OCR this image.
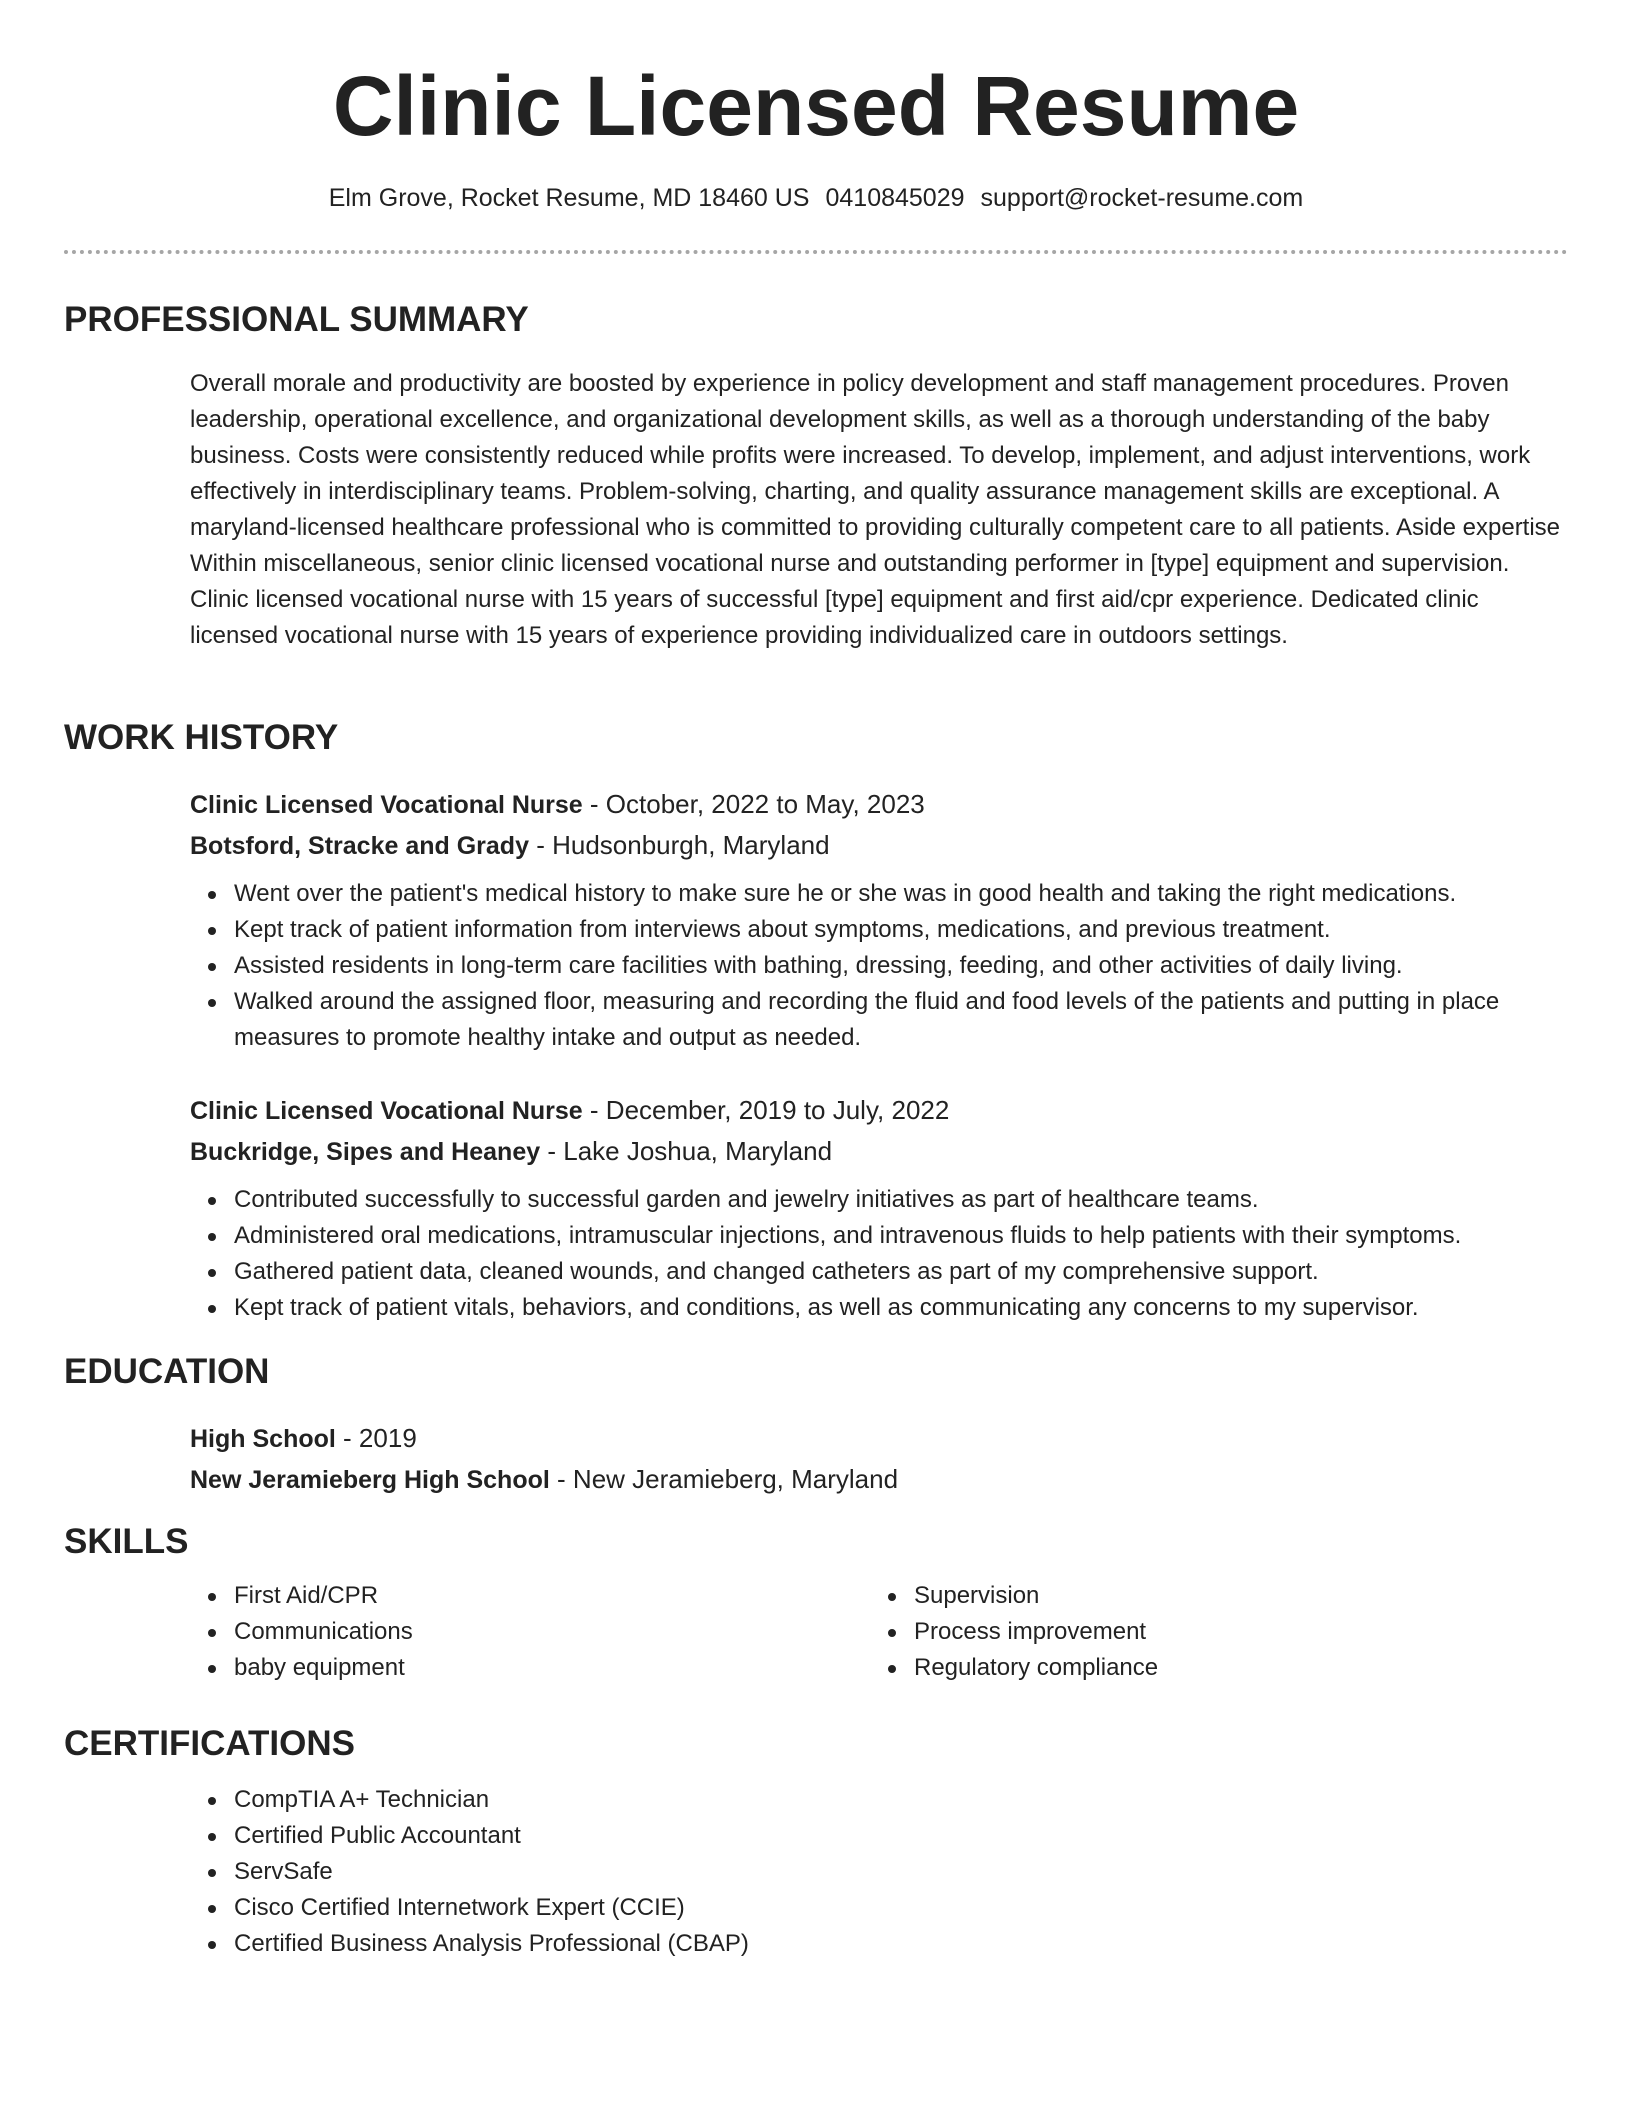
Clinic Licensed Resume
Elm Grove, Rocket Resume, MD 18460 US 0410845029 support@rocket-resume.com
PROFESSIONAL SUMMARY
Overall morale and productivity are boosted by experience in policy development and staff management procedures. Proven leadership, operational excellence, and organizational development skills, as well as a thorough understanding of the baby business. Costs were consistently reduced while profits were increased. To develop, implement, and adjust interventions, work effectively in interdisciplinary teams. Problem-solving, charting, and quality assurance management skills are exceptional. A maryland-licensed healthcare professional who is committed to providing culturally competent care to all patients. Aside expertise Within miscellaneous, senior clinic licensed vocational nurse and outstanding performer in [type] equipment and supervision. Clinic licensed vocational nurse with 15 years of successful [type] equipment and first aid/cpr experience. Dedicated clinic licensed vocational nurse with 15 years of experience providing individualized care in outdoors settings.
WORK HISTORY
Clinic Licensed Vocational Nurse - October, 2022 to May, 2023
Botsford, Stracke and Grady - Hudsonburgh, Maryland
Went over the patient's medical history to make sure he or she was in good health and taking the right medications.
Kept track of patient information from interviews about symptoms, medications, and previous treatment.
Assisted residents in long-term care facilities with bathing, dressing, feeding, and other activities of daily living.
Walked around the assigned floor, measuring and recording the fluid and food levels of the patients and putting in place measures to promote healthy intake and output as needed.
Clinic Licensed Vocational Nurse - December, 2019 to July, 2022
Buckridge, Sipes and Heaney - Lake Joshua, Maryland
Contributed successfully to successful garden and jewelry initiatives as part of healthcare teams.
Administered oral medications, intramuscular injections, and intravenous fluids to help patients with their symptoms.
Gathered patient data, cleaned wounds, and changed catheters as part of my comprehensive support.
Kept track of patient vitals, behaviors, and conditions, as well as communicating any concerns to my supervisor.
EDUCATION
High School - 2019
New Jeramieberg High School - New Jeramieberg, Maryland
SKILLS
First Aid/CPR
Communications
baby equipment
Supervision
Process improvement
Regulatory compliance
CERTIFICATIONS
CompTIA A+ Technician
Certified Public Accountant
ServSafe
Cisco Certified Internetwork Expert (CCIE)
Certified Business Analysis Professional (CBAP)
